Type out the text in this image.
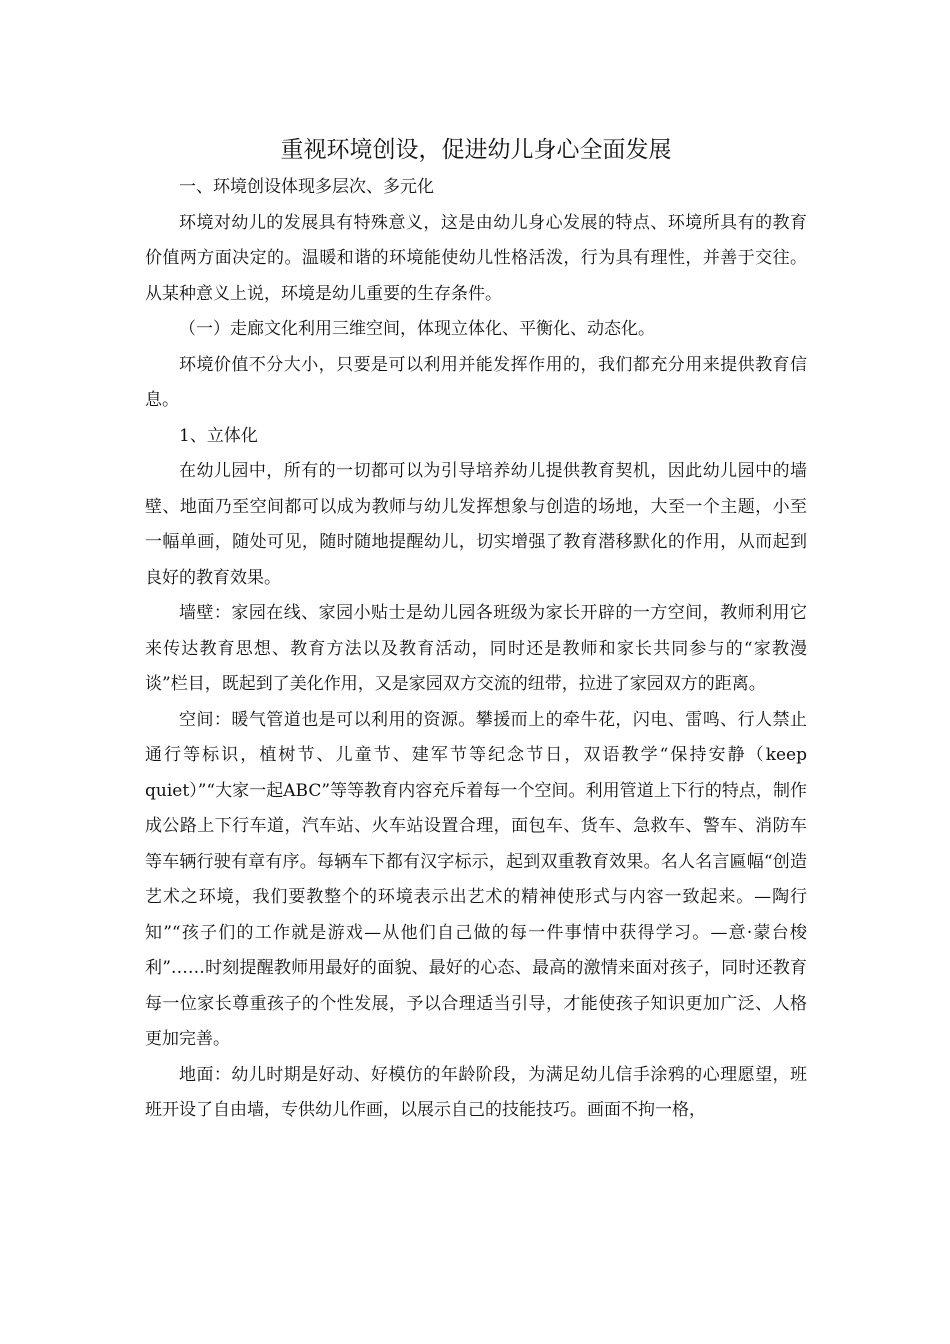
重视环境创设，促进幼儿身心全面发展

一、环境创设体现多层次、多元化

环境对幼儿的发展具有特殊意义，这是由幼儿身心发展的特点、环境所具有的教育价值两方面决定的。温暖和谐的环境能使幼儿性格活泼，行为具有理性，并善于交往。从某种意义上说，环境是幼儿重要的生存条件。

（一）走廊文化利用三维空间，体现立体化、平衡化、动态化。

环境价值不分大小，只要是可以利用并能发挥作用的，我们都充分用来提供教育信息。

1、立体化

在幼儿园中，所有的一切都可以为引导培养幼儿提供教育契机，因此幼儿园中的墙壁、地面乃至空间都可以成为教师与幼儿发挥想象与创造的场地，大至一个主题，小至一幅单画，随处可见，随时随地提醒幼儿，切实增强了教育潜移默化的作用，从而起到良好的教育效果。

墙壁：家园在线、家园小贴士是幼儿园各班级为家长开辟的一方空间，教师利用它来传达教育思想、教育方法以及教育活动，同时还是教师和家长共同参与的“家教漫谈”栏目，既起到了美化作用，又是家园双方交流的纽带，拉进了家园双方的距离。

空间：暖气管道也是可以利用的资源。攀援而上的牵牛花，闪电、雷鸣、行人禁止通行等标识，植树节、儿童节、建军节等纪念节日，双语教学“保持安静（keep quiet）”“大家一起ABC”等等教育内容充斥着每一个空间。利用管道上下行的特点，制作成公路上下行车道，汽车站、火车站设置合理，面包车、货车、急救车、警车、消防车等车辆行驶有章有序。每辆车下都有汉字标示，起到双重教育效果。名人名言匾幅“创造艺术之环境，我们要教整个的环境表示出艺术的精神使形式与内容一致起来。—陶行知”“孩子们的工作就是游戏—从他们自己做的每一件事情中获得学习。—意·蒙台梭利”……时刻提醒教师用最好的面貌、最好的心态、最高的激情来面对孩子，同时还教育每一位家长尊重孩子的个性发展，予以合理适当引导，才能使孩子知识更加广泛、人格更加完善。

地面：幼儿时期是好动、好模仿的年龄阶段，为满足幼儿信手涂鸦的心理愿望，班班开设了自由墙，专供幼儿作画，以展示自己的技能技巧。画面不拘一格，
